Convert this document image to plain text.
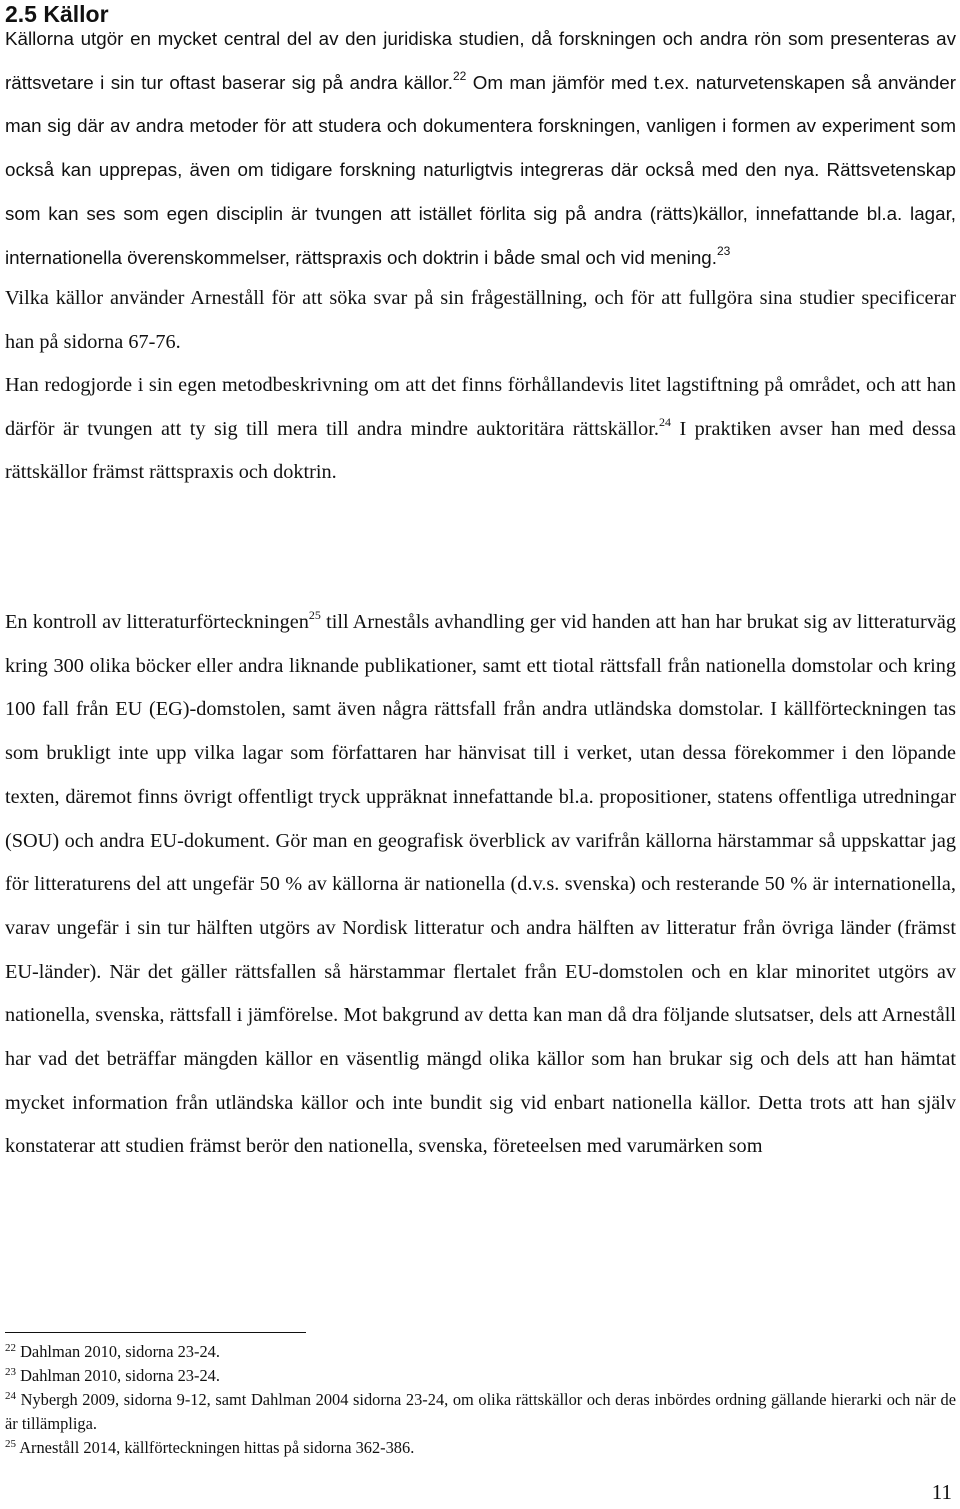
2.5 Källor

Källorna utgör en mycket central del av den juridiska studien, då forskningen och andra rön som presenteras av rättsvetare i sin tur oftast baserar sig på andra källor.$^{22}$ Om man jämför med t.ex. naturvetenskapen så använder man sig där av andra metoder för att studera och dokumentera forskningen, vanligen i formen av experiment som också kan upprepas, även om tidigare forskning naturligtvis integreras där också med den nya. Rättsvetenskap som kan ses som egen disciplin är tvungen att istället förlita sig på andra (rätts)källor, innefattande bl.a. lagar, internationella överenskommelser, rättspraxis och doktrin i både smal och vid mening.$^{23}$

Vilka källor använder Arneståll för att söka svar på sin frågeställning, och för att fullgöra sina studier specificerar han på sidorna 67-76.

Han redogjorde i sin egen metodbeskrivning om att det finns förhållandevis litet lagstiftning på området, och att han därför är tvungen att ty sig till mera till andra mindre auktoritära rättskällor.$^{24}$ I praktiken avser han med dessa rättskällor främst rättspraxis och doktrin.

En kontroll av litteraturförteckningen$^{25}$ till Arneståls avhandling ger vid handen att han har brukat sig av litteraturväg kring 300 olika böcker eller andra liknande publikationer, samt ett tiotal rättsfall från nationella domstolar och kring 100 fall från EU (EG)-domstolen, samt även några rättsfall från andra utländska domstolar. I källförteckningen tas som brukligt inte upp vilka lagar som författaren har hänvisat till i verket, utan dessa förekommer i den löpande texten, däremot finns övrigt offentligt tryck uppräknat innefattande bl.a. propositioner, statens offentliga utredningar (SOU) och andra EU-dokument. Gör man en geografisk överblick av varifrån källorna härstammar så uppskattar jag för litteraturens del att ungefär 50 % av källorna är nationella (d.v.s. svenska) och resterande 50 % är internationella, varav ungefär i sin tur hälften utgörs av Nordisk litteratur och andra hälften av litteratur från övriga länder (främst EU-länder). När det gäller rättsfallen så härstammar flertalet från EU-domstolen och en klar minoritet utgörs av nationella, svenska, rättsfall i jämförelse. Mot bakgrund av detta kan man då dra följande slutsatser, dels att Arneståll har vad det beträffar mängden källor en väsentlig mängd olika källor som han brukar sig och dels att han hämtat mycket information från utländska källor och inte bundit sig vid enbart nationella källor. Detta trots att han själv konstaterar att studien främst berör den nationella, svenska, företeelsen med varumärken som

$^{22}$ Dahlman 2010, sidorna 23-24.

$^{23}$ Dahlman 2010, sidorna 23-24.

$^{24}$ Nybergh 2009, sidorna 9-12, samt Dahlman 2004 sidorna 23-24, om olika rättskällor och deras inbördes ordning gällande hierarki och när de är tillämpliga.

$^{25}$ Arneståll 2014, källförteckningen hittas på sidorna 362-386.

11
